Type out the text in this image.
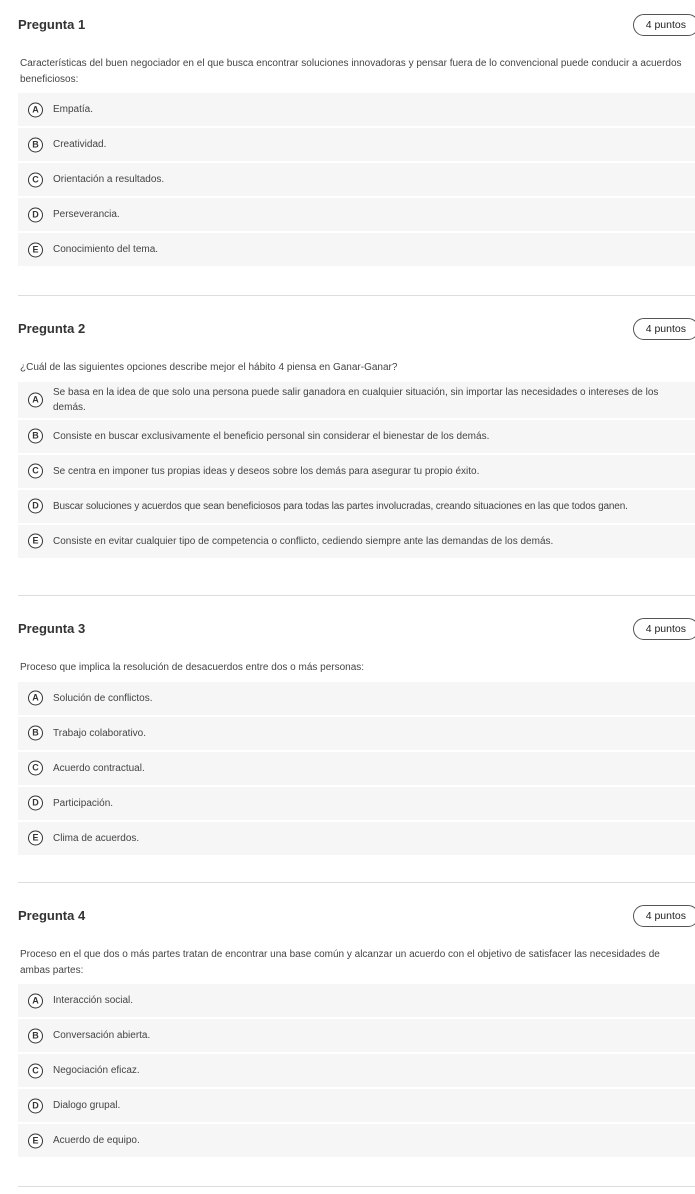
Pregunta 1	4 puntos

Características del buen negociador en el que busca encontrar soluciones innovadoras y pensar fuera de lo convencional puede conducir a acuerdos beneficiosos:

A	Empatía.
B	Creatividad.
C	Orientación a resultados.
D	Perseverancia.
E	Conocimiento del tema.
Pregunta 2	4 puntos

¿Cuál de las siguientes opciones describe mejor el hábito 4 piensa en Ganar-Ganar?

A
Se basa en la idea de que solo una persona puede salir ganadora en cualquier situación, sin importar las necesidades o intereses de los demás.
B	Consiste en buscar exclusivamente el beneficio personal sin considerar el bienestar de los demás.
C	Se centra en imponer tus propias ideas y deseos sobre los demás para asegurar tu propio éxito.
D	Buscar soluciones y acuerdos que sean beneficiosos para todas las partes involucradas, creando situaciones en las que todos ganen.
E	Consiste en evitar cualquier tipo de competencia o conflicto, cediendo siempre ante las demandas de los demás.
Pregunta 3	4 puntos

Proceso que implica la resolución de desacuerdos entre dos o más personas:

A	Solución de conflictos.
B	Trabajo colaborativo.
C	Acuerdo contractual.
D	Participación.
E	Clima de acuerdos.
Pregunta 4	4 puntos

Proceso en el que dos o más partes tratan de encontrar una base común y alcanzar un acuerdo con el objetivo de satisfacer las necesidades de ambas partes:

A	Interacción social.
B	Conversación abierta.
C	Negociación eficaz.
D	Dialogo grupal.
E	Acuerdo de equipo.
